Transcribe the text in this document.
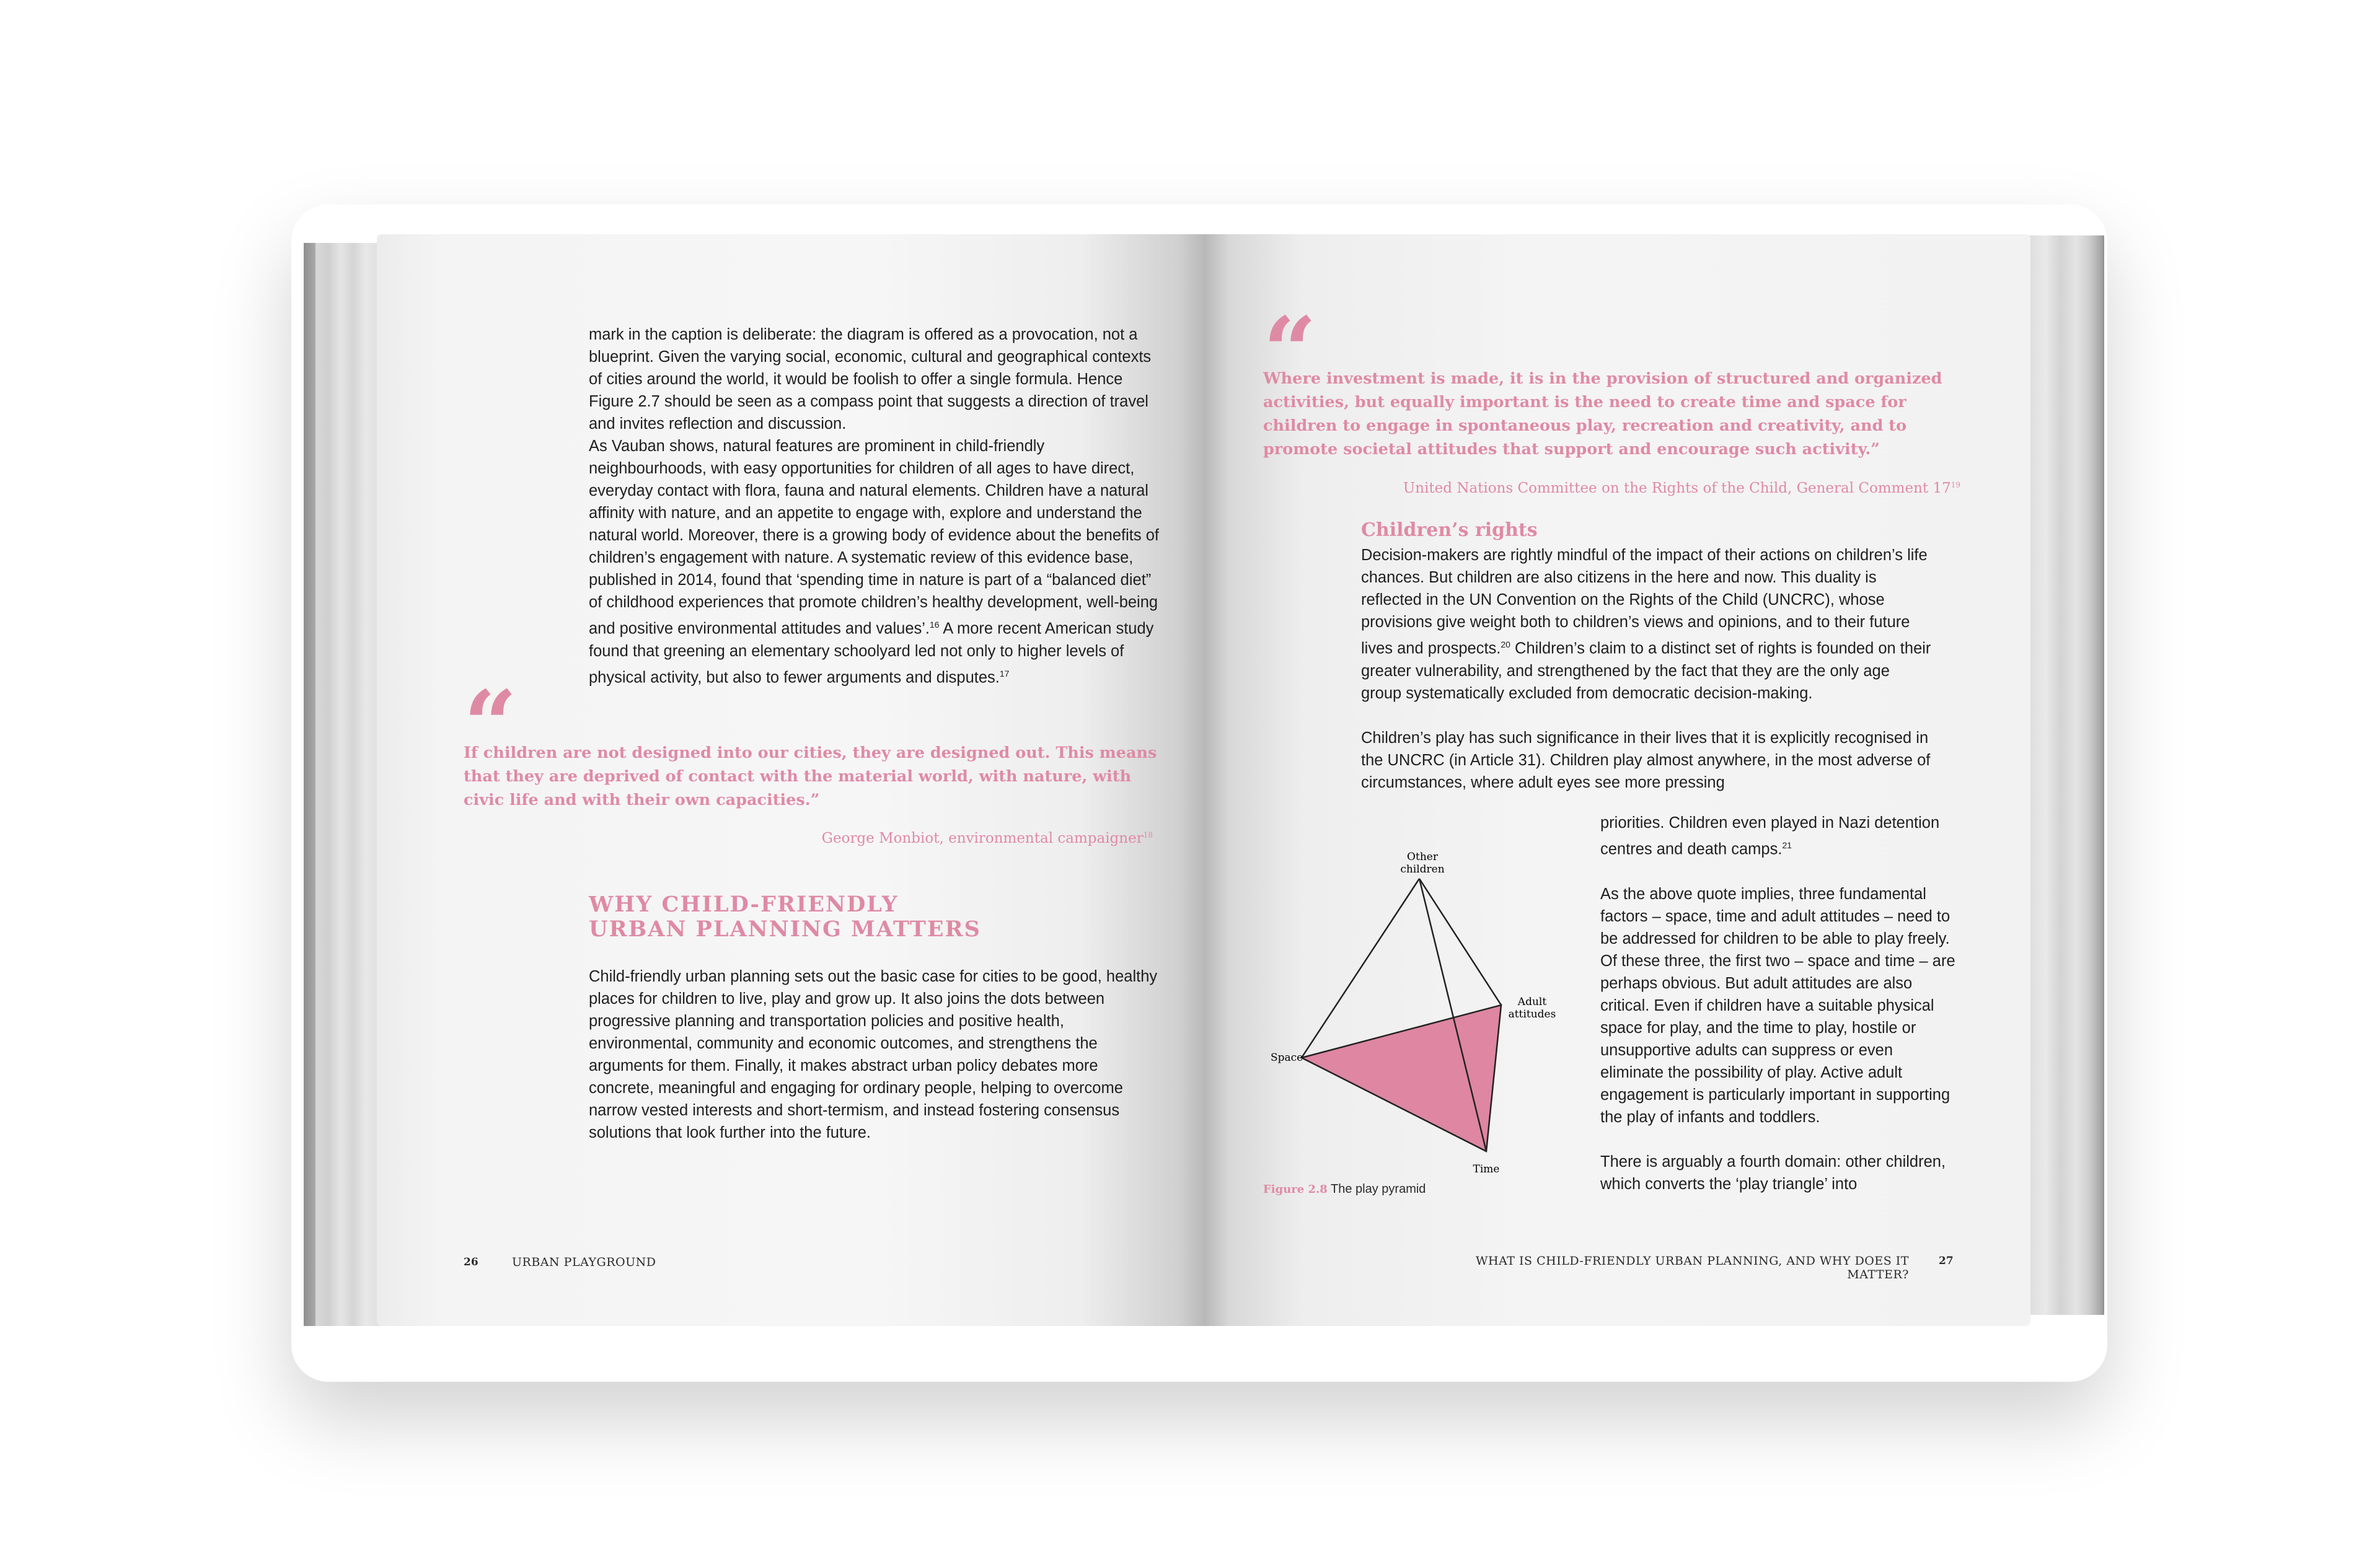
mark in the caption is deliberate: the diagram is offered as a provocation, not a blueprint. Given the varying social, economic, cultural and geographical contexts of cities around the world, it would be foolish to offer a single formula. Hence Figure 2.7 should be seen as a compass point that suggests a direction of travel and invites reflection and discussion.

As Vauban shows, natural features are prominent in child-friendly neighbourhoods, with easy opportunities for children of all ages to have direct, everyday contact with flora, fauna and natural elements. Children have a natural affinity with nature, and an appetite to engage with, explore and understand the natural world. Moreover, there is a growing body of evidence about the benefits of children’s engagement with nature. A systematic review of this evidence base, published in 2014, found that ‘spending time in nature is part of a “balanced diet” of childhood experiences that promote children’s healthy development, well-being and positive environmental attitudes and values’.$^{16}$ A more recent American study found that greening an elementary schoolyard led not only to higher levels of physical activity, but also to fewer arguments and disputes.$^{17}$

“
If children are not designed into our cities, they are designed out. This means that they are deprived of contact with the material world, with nature, with civic life and with their own capacities.”
George Monbiot, environmental campaigner$^{18}$
WHY CHILD-FRIENDLY
URBAN PLANNING MATTERS
Child-friendly urban planning sets out the basic case for cities to be good, healthy places for children to live, play and grow up. It also joins the dots between progressive planning and transportation policies and positive health, environmental, community and economic outcomes, and strengthens the arguments for them. Finally, it makes abstract urban policy debates more concrete, meaningful and engaging for ordinary people, helping to overcome narrow vested interests and short-termism, and instead fostering consensus solutions that look further into the future.
26	URBAN PLAYGROUND
“
Where investment is made, it is in the provision of structured and organized activities, but equally important is the need to create time and space for children to engage in spontaneous play, recreation and creativity, and to promote societal attitudes that support and encourage such activity.”
United Nations Committee on the Rights of the Child, General Comment $17^{19}$
Children’s rights

Decision-makers are rightly mindful of the impact of their actions on children’s life chances. But children are also citizens in the here and now. This duality is reflected in the UN Convention on the Rights of the Child (UNCRC), whose provisions give weight both to children’s views and opinions, and to their future lives and prospects.$^{20}$ Children’s claim to a distinct set of rights is founded on their greater vulnerability, and strengthened by the fact that they are the only age group systematically excluded from democratic decision-making.

Children’s play has such significance in their lives that it is explicitly recognised in the UNCRC (in Article 31). Children play almost anywhere, in the most adverse of circumstances, where adult eyes see more pressing

priorities. Children even played in Nazi detention centres and death camps.$^{21}$

As the above quote implies, three fundamental factors – space, time and adult attitudes – need to be addressed for children to be able to play freely. Of these three, the first two – space and time – are perhaps obvious. But adult attitudes are also critical. Even if children have a suitable physical space for play, and the time to play, hostile or unsupportive adults can suppress or even eliminate the possibility of play. Active adult engagement is particularly important in supporting the play of infants and toddlers.

There is arguably a fourth domain: other children, which converts the ‘play triangle’ into

Other
children
Adult
attitudes
Space
Time
Figure 2.8 The play pyramid
WHAT IS CHILD-FRIENDLY URBAN PLANNING, AND WHY DOES IT MATTER?
27
